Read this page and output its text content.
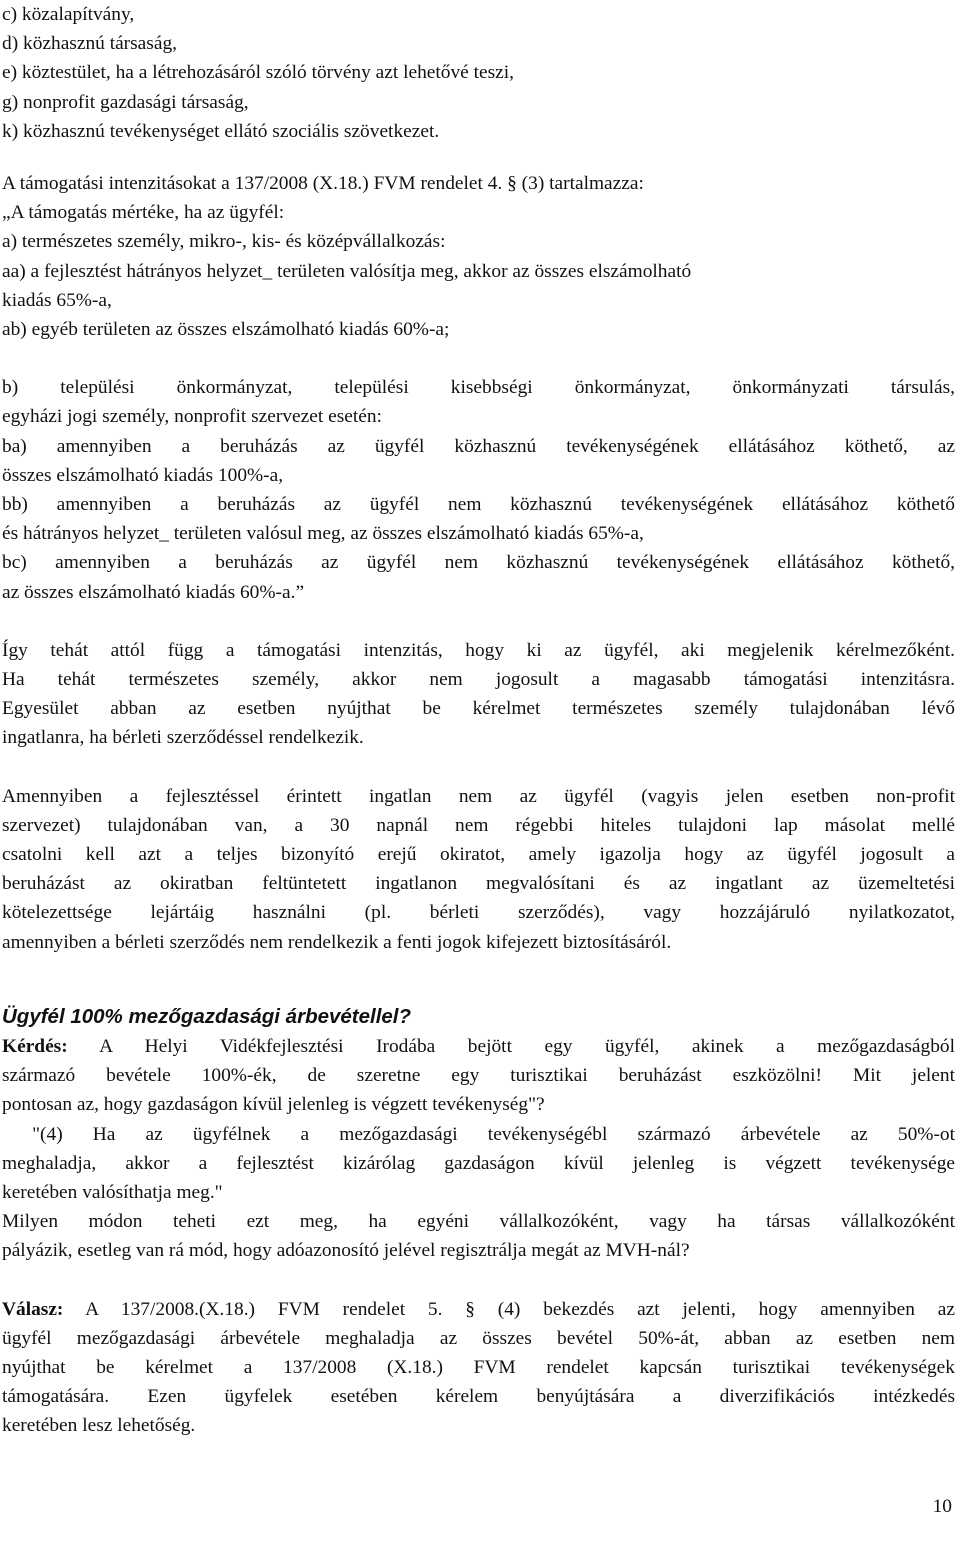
c) közalapítvány,
d) közhasznú társaság,
e) köztestület, ha a létrehozásáról szóló törvény azt lehetővé teszi,
g) nonprofit gazdasági társaság,
k) közhasznú tevékenységet ellátó szociális szövetkezet.
A támogatási intenzitásokat a 137/2008 (X.18.) FVM rendelet 4. § (3) tartalmazza:
„A támogatás mértéke, ha az ügyfél:
a) természetes személy, mikro-, kis- és középvállalkozás:
aa) a fejlesztést hátrányos helyzet_ területen valósítja meg, akkor az összes elszámolható
kiadás 65%-a,
ab) egyéb területen az összes elszámolható kiadás 60%-a;
b) települési önkormányzat, települési kisebbségi önkormányzat, önkormányzati társulás,
egyházi jogi személy, nonprofit szervezet esetén:
ba) amennyiben a beruházás az ügyfél közhasznú tevékenységének ellátásához köthető, az
összes elszámolható kiadás 100%-a,
bb) amennyiben a beruházás az ügyfél nem közhasznú tevékenységének ellátásához köthető
és hátrányos helyzet_ területen valósul meg, az összes elszámolható kiadás 65%-a,
bc) amennyiben a beruházás az ügyfél nem közhasznú tevékenységének ellátásához köthető,
az összes elszámolható kiadás 60%-a.”
Így tehát attól függ a támogatási intenzitás, hogy ki az ügyfél, aki megjelenik kérelmezőként.
Ha tehát természetes személy, akkor nem jogosult a magasabb támogatási intenzitásra.
Egyesület abban az esetben nyújthat be kérelmet természetes személy tulajdonában lévő
ingatlanra, ha bérleti szerződéssel rendelkezik.
Amennyiben a fejlesztéssel érintett ingatlan nem az ügyfél (vagyis jelen esetben non-profit
szervezet) tulajdonában van, a 30 napnál nem régebbi hiteles tulajdoni lap másolat mellé
csatolni kell azt a teljes bizonyító erejű okiratot, amely igazolja hogy az ügyfél jogosult a
beruházást az okiratban feltüntetett ingatlanon megvalósítani és az ingatlant az üzemeltetési
kötelezettsége lejártáig használni (pl. bérleti szerződés), vagy hozzájáruló nyilatkozatot,
amennyiben a bérleti szerződés nem rendelkezik a fenti jogok kifejezett biztosításáról.
Ügyfél 100% mezőgazdasági árbevétellel?
Kérdés: A Helyi Vidékfejlesztési Irodába bejött egy ügyfél, akinek a mezőgazdaságból
származó bevétele 100%-ék, de szeretne egy turisztikai beruházást eszközölni! Mit jelent
pontosan az, hogy gazdaságon kívül jelenleg is végzett tevékenység"?
"(4) Ha az ügyfélnek a mezőgazdasági tevékenységébl származó árbevétele az 50%-ot
meghaladja, akkor a fejlesztést kizárólag gazdaságon kívül jelenleg is végzett tevékenysége
keretében valósíthatja meg."
Milyen módon teheti ezt meg, ha egyéni vállalkozóként, vagy ha társas vállalkozóként
pályázik, esetleg van rá mód, hogy adóazonosító jelével regisztrálja megát az MVH-nál?
Válasz: A 137/2008.(X.18.) FVM rendelet 5. § (4) bekezdés azt jelenti, hogy amennyiben az
ügyfél mezőgazdasági árbevétele meghaladja az összes bevétel 50%-át, abban az esetben nem
nyújthat be kérelmet a 137/2008 (X.18.) FVM rendelet kapcsán turisztikai tevékenységek
támogatására. Ezen ügyfelek esetében kérelem benyújtására a diverzifikációs intézkedés
keretében lesz lehetőség.
10
